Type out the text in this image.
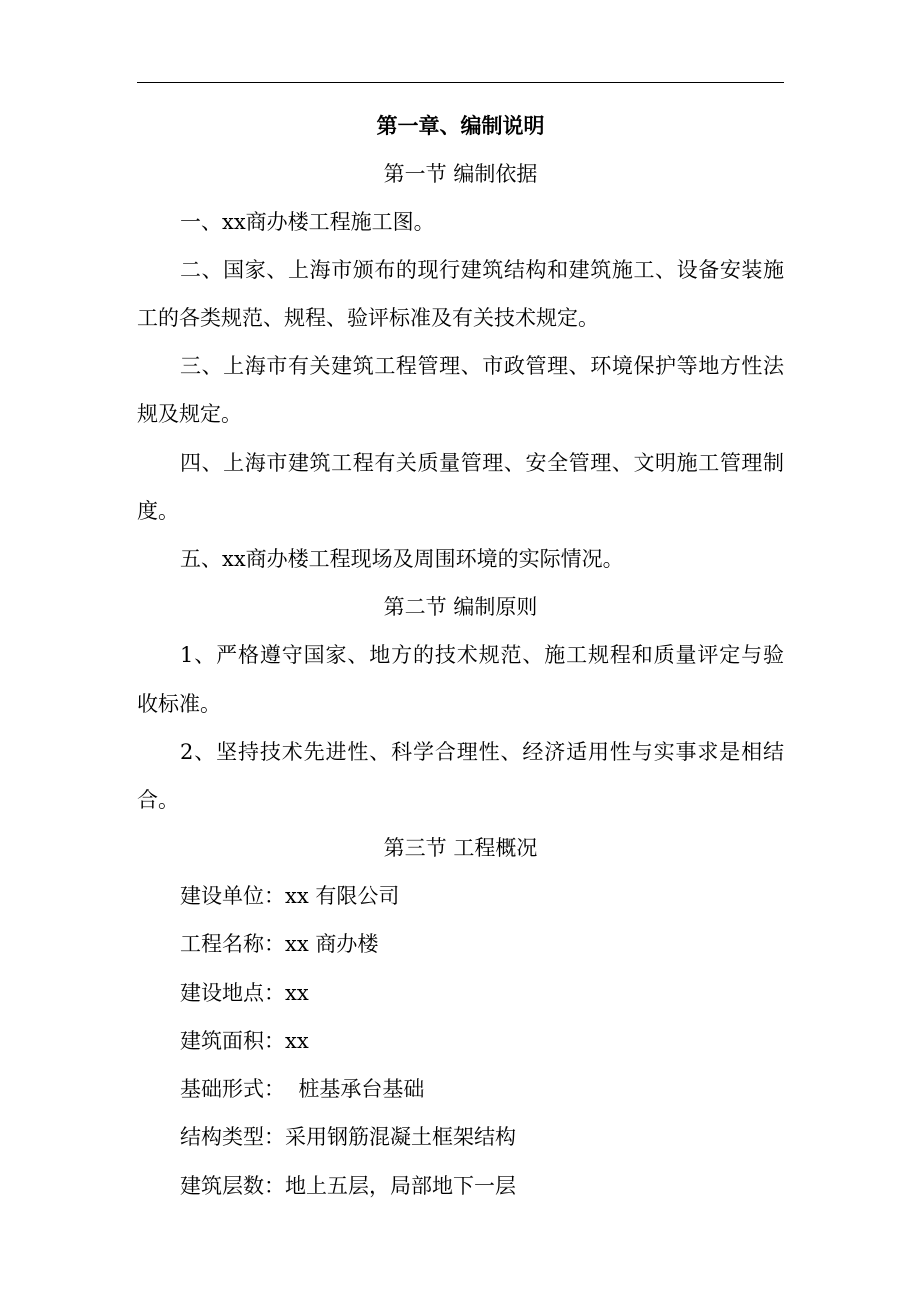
第一章、编制说明

第一节 编制依据

一、xx商办楼工程施工图。

二、国家、上海市颁布的现行建筑结构和建筑施工、设备安装施

工的各类规范、规程、验评标准及有关技术规定。

三、上海市有关建筑工程管理、市政管理、环境保护等地方性法

规及规定。

四、上海市建筑工程有关质量管理、安全管理、文明施工管理制

度。

五、xx商办楼工程现场及周围环境的实际情况。

第二节 编制原则

1、严格遵守国家、地方的技术规范、施工规程和质量评定与验

收标准。

2、坚持技术先进性、科学合理性、经济适用性与实事求是相结

合。

第三节 工程概况

建设单位：xx 有限公司

工程名称：xx 商办楼

建设地点：xx

建筑面积：xx

基础形式：  桩基承台基础

结构类型：采用钢筋混凝土框架结构

建筑层数：地上五层，局部地下一层
